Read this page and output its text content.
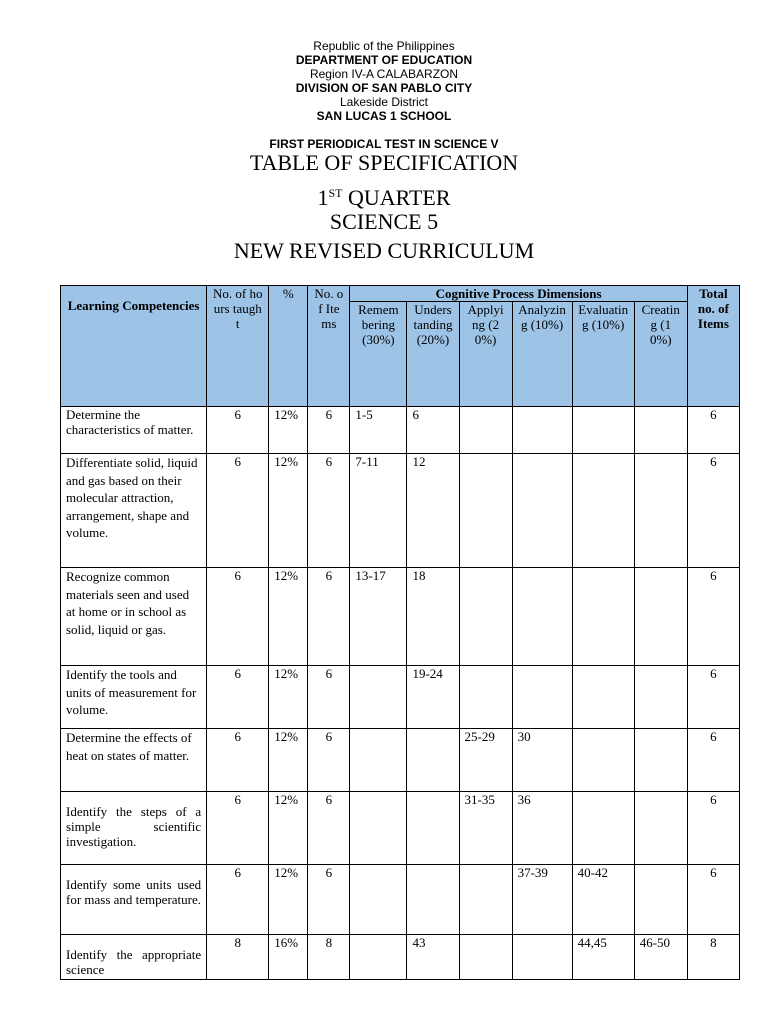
Republic of the Philippines
DEPARTMENT OF EDUCATION
Region IV-A CALABARZON
DIVISION OF SAN PABLO CITY
Lakeside District
SAN LUCAS 1 SCHOOL
FIRST PERIODICAL TEST IN SCIENCE V
TABLE OF SPECIFICATION
1ST QUARTER
SCIENCE 5
NEW REVISED CURRICULUM
Learning Competencies	No. of hours taught	%	No. of Items	Cognitive Process Dimensions						Total no. of Items
				Remembering (30%)	Understanding (20%)	Applying (20%)	Analyzing (10%)	Evaluating (10%)	Creating (10%)	
Determine the characteristics of matter.	6	12%	6	1-5	6					6
Differentiate solid, liquid and gas based on their molecular attraction, arrangement, shape and volume.	6	12%	6	7-11	12					6
Recognize common materials seen and used at home or in school as solid, liquid or gas.	6	12%	6	13-17	18					6
Identify the tools and units of measurement for volume.	6	12%	6		19-24					6
Determine the effects of heat on states of matter.	6	12%	6			25-29	30			6
Identify the steps of a simple scientific investigation.	6	12%	6			31-35	36			6
Identify some units used for mass and temperature.	6	12%	6				37-39	40-42		6
Identify the appropriate science	8	16%	8		43			44,45	46-50	8
